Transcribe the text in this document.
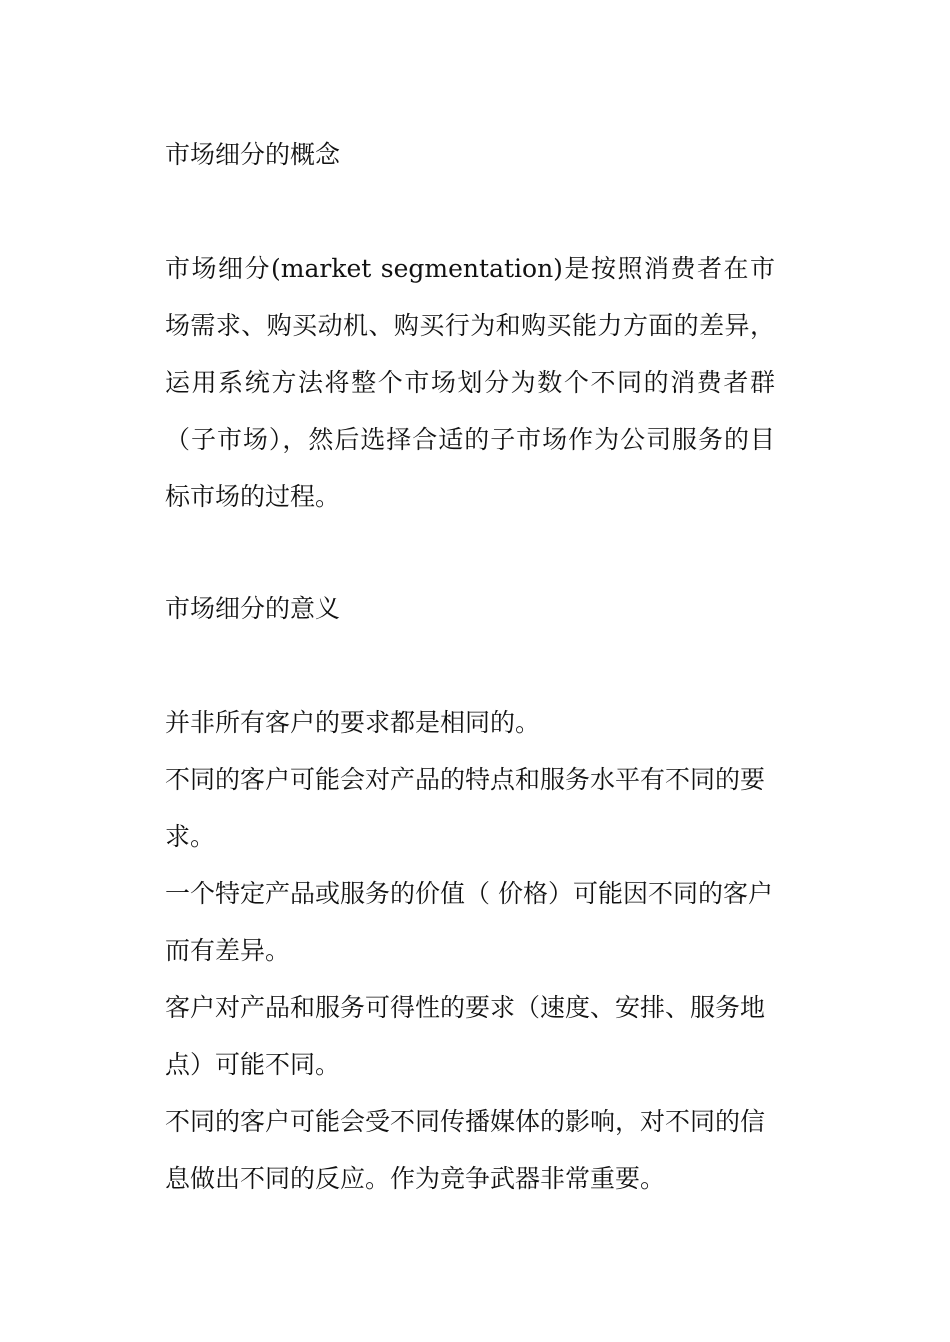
市场细分的概念

市场细分(market segmentation)是按照消费者在市场需求、购买动机、购买行为和购买能力方面的差异，运用系统方法将整个市场划分为数个不同的消费者群（子市场），然后选择合适的子市场作为公司服务的目标市场的过程。

市场细分的意义

并非所有客户的要求都是相同的。

不同的客户可能会对产品的特点和服务水平有不同的要求。

一个特定产品或服务的价值（ 价格）可能因不同的客户而有差异。

客户对产品和服务可得性的要求（速度、安排、服务地点）可能不同。

不同的客户可能会受不同传播媒体的影响，对不同的信息做出不同的反应。作为竞争武器非常重要。
